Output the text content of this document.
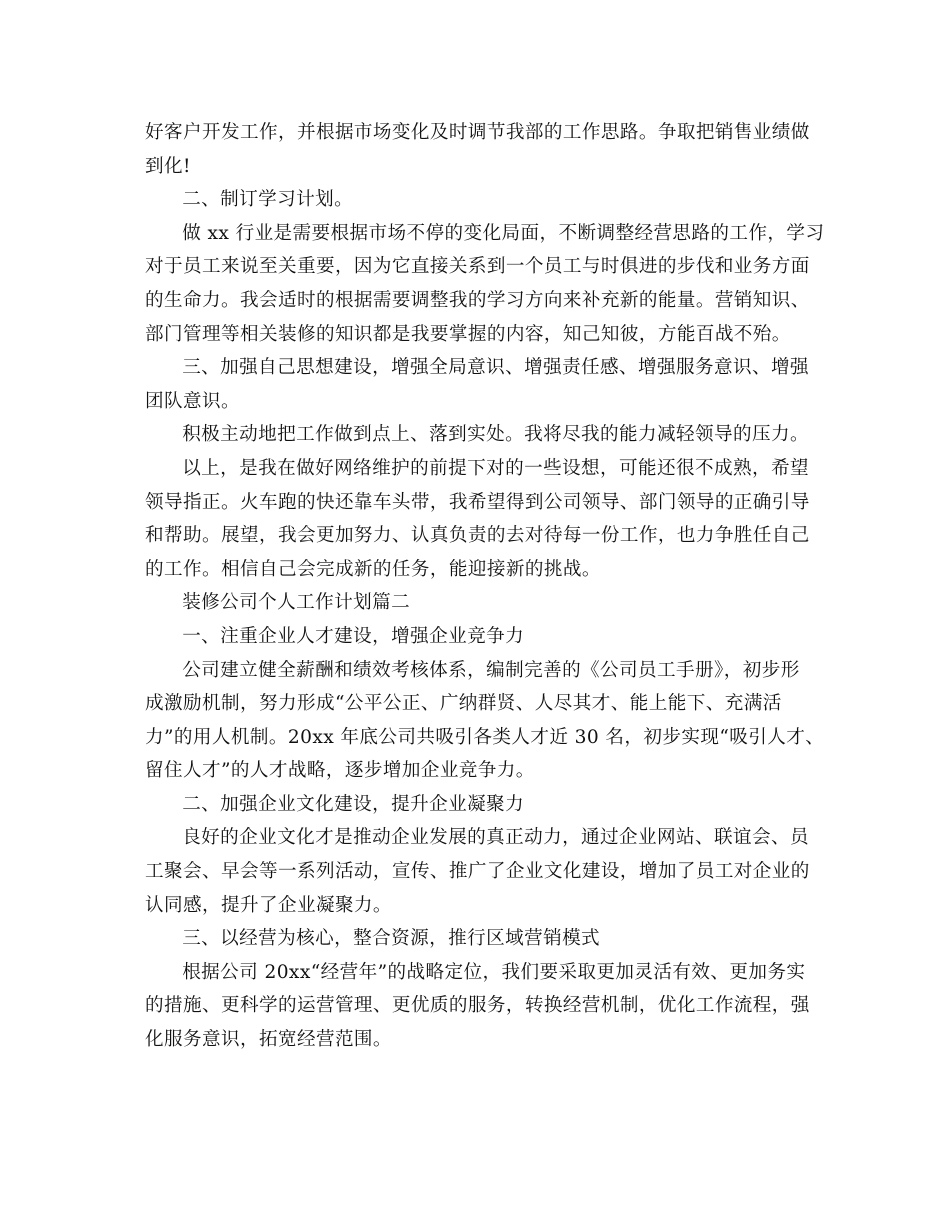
好客户开发工作，并根据市场变化及时调节我部的工作思路。争取把销售业绩做
到化!

二、制订学习计划。

做 xx 行业是需要根据市场不停的变化局面，不断调整经营思路的工作，学习
对于员工来说至关重要，因为它直接关系到一个员工与时俱进的步伐和业务方面
的生命力。我会适时的根据需要调整我的学习方向来补充新的能量。营销知识、
部门管理等相关装修的知识都是我要掌握的内容，知己知彼，方能百战不殆。

三、加强自己思想建设，增强全局意识、增强责任感、增强服务意识、增强
团队意识。

积极主动地把工作做到点上、落到实处。我将尽我的能力减轻领导的压力。

以上，是我在做好网络维护的前提下对的一些设想，可能还很不成熟，希望
领导指正。火车跑的快还靠车头带，我希望得到公司领导、部门领导的正确引导
和帮助。展望，我会更加努力、认真负责的去对待每一份工作，也力争胜任自己
的工作。相信自己会完成新的任务，能迎接新的挑战。

装修公司个人工作计划篇二

一、注重企业人才建设，增强企业竞争力

公司建立健全薪酬和绩效考核体系，编制完善的《公司员工手册》，初步形
成激励机制，努力形成“公平公正、广纳群贤、人尽其才、能上能下、充满活
力”的用人机制。20xx 年底公司共吸引各类人才近 30 名，初步实现“吸引人才、
留住人才”的人才战略，逐步增加企业竞争力。

二、加强企业文化建设，提升企业凝聚力

良好的企业文化才是推动企业发展的真正动力，通过企业网站、联谊会、员
工聚会、早会等一系列活动，宣传、推广了企业文化建设，增加了员工对企业的
认同感，提升了企业凝聚力。

三、以经营为核心，整合资源，推行区域营销模式

根据公司 20xx“经营年”的战略定位，我们要采取更加灵活有效、更加务实
的措施、更科学的运营管理、更优质的服务，转换经营机制，优化工作流程，强
化服务意识，拓宽经营范围。
